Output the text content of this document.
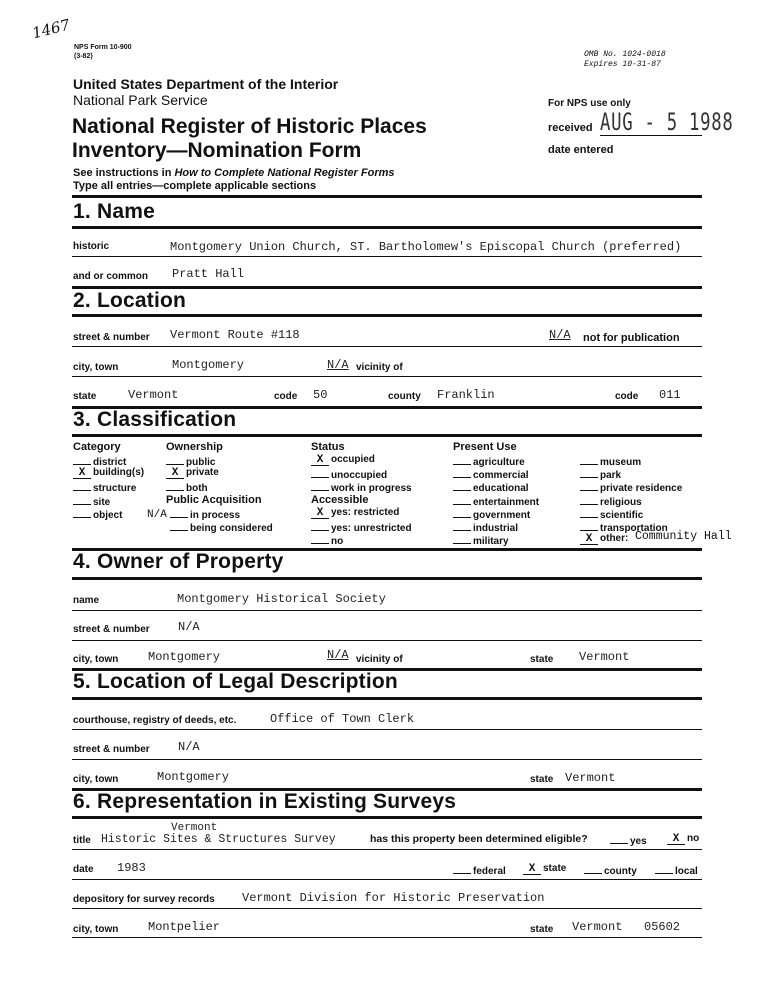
1467
NPS Form 10-900
(3-82)	OMB No. 1024-0018
Expires 10-31-87
United States Department of the Interior
National Park Service
National Register of Historic Places
Inventory—Nomination Form
For NPS use only
received AUG - 5 1988
date entered
See instructions in How to Complete National Register Forms
Type all entries—complete applicable sections
1. Name
historic	Montgomery Union Church, ST. Bartholomew's Episcopal Church (preferred)
and or common Pratt Hall
2. Location
street & number Vermont Route #118	N/A not for publication
city, town	Montgomery	N/A vicinity of
state	Vermont	code 50	county Franklin	code 011
3. Classification
Category
district
X building(s)
structure
site
object
Ownership
public
X private
both
Public Acquisition
N/A	in process
being considered
Status
X occupied
unoccupied
work in progress
Accessible
X yes: restricted
yes: unrestricted
no
Present Use
agriculture
commercial
educational
entertainment
government
industrial
military
museum
park
private residence
religious
scientific
transportation
X other: Community Hall
4. Owner of Property
name	Montgomery Historical Society
street & number N/A
city, town Montgomery	N/A vicinity of	state Vermont
5. Location of Legal Description
courthouse, registry of deeds, etc.	Office of Town Clerk
street & number N/A
city, town	Montgomery	state Vermont
6. Representation in Existing Surveys
title
Vermont
Historic Sites & Structures Survey	has this property been determined eligible?	yes	X no
date 1983	federal	X state	county	local
depository for survey records Vermont Division for Historic Preservation
city, town Montpelier	state Vermont 05602
